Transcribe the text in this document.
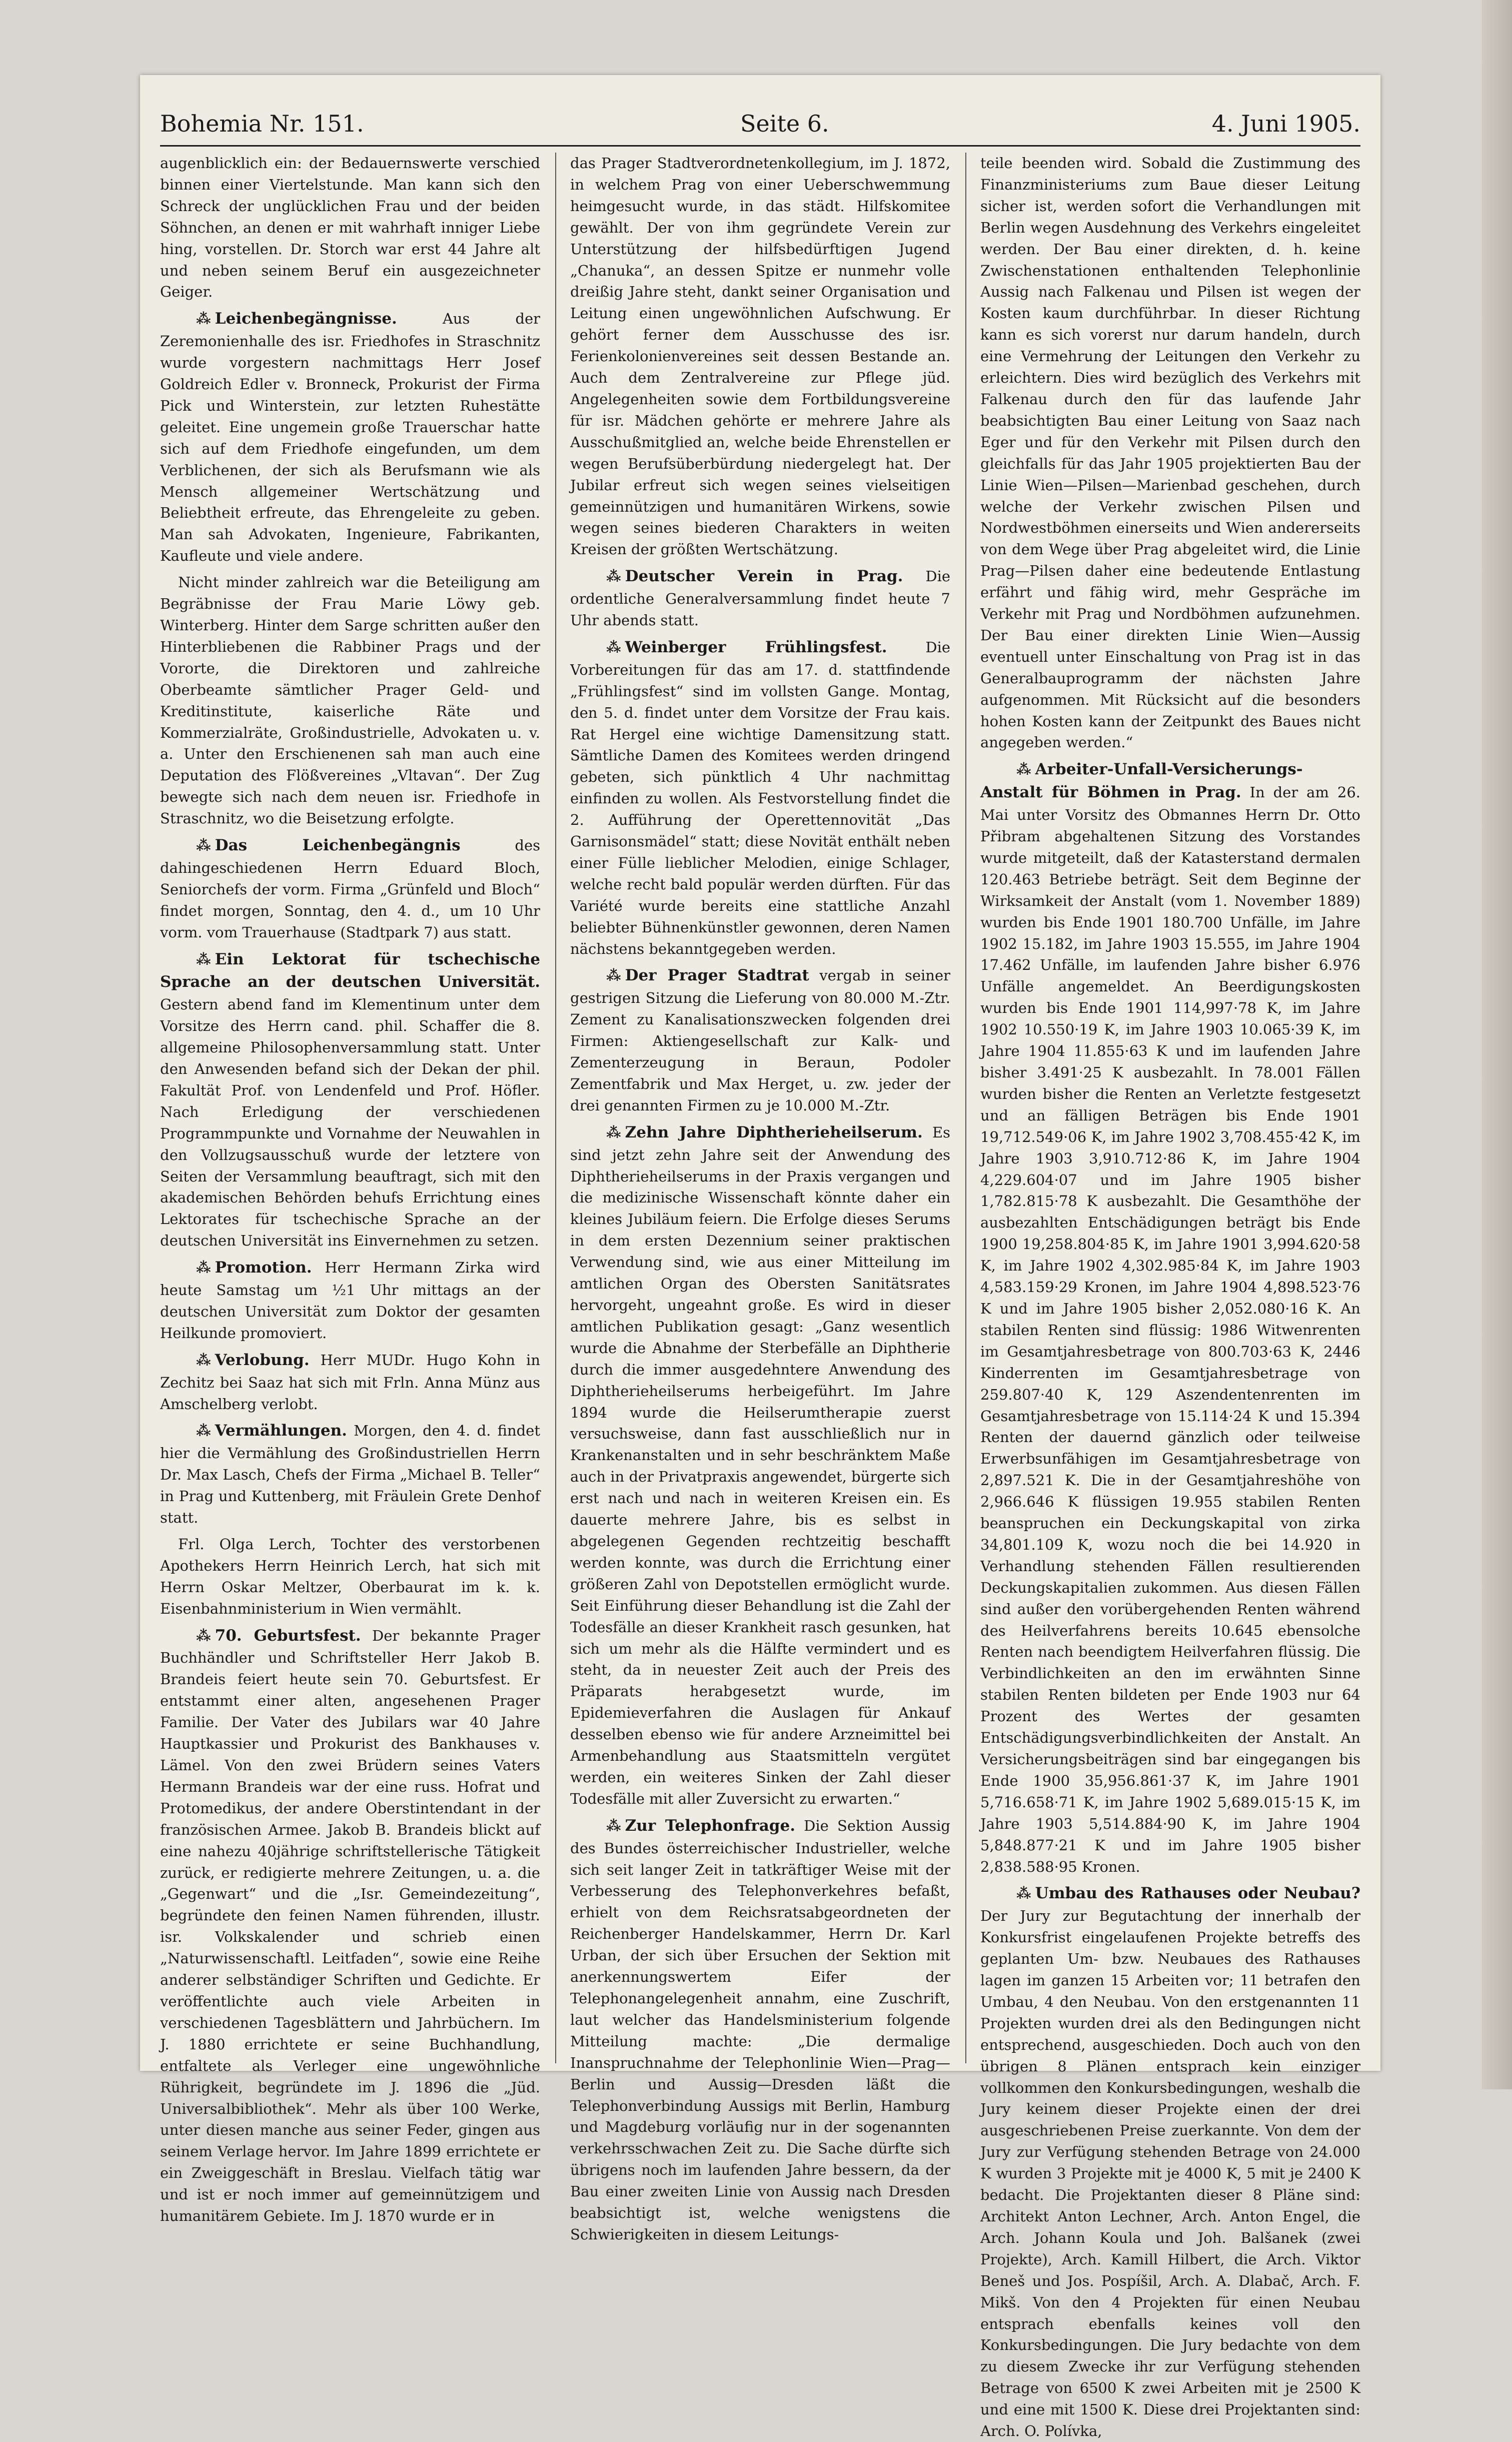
Bohemia Nr. 151.	Seite 6.	4. Juni 1905.

augenblicklich ein: der Bedauernswerte verschied binnen einer Viertelstunde. Man kann sich den Schreck der unglücklichen Frau und der beiden Söhnchen, an denen er mit wahrhaft inniger Liebe hing, vorstellen. Dr. Storch war erst 44 Jahre alt und neben seinem Beruf ein ausgezeichneter Geiger.

⁂ Leichenbegängnisse.	Aus der Zeremonienhalle des isr. Friedhofes in Straschnitz wurde vorgestern nachmittags Herr Josef Goldreich Edler v. Bronneck, Prokurist der Firma Pick und Winterstein, zur letzten Ruhestätte geleitet. Eine ungemein große Trauerschar hatte sich auf dem Friedhofe eingefunden, um dem Verblichenen, der sich als Berufsmann wie als Mensch allgemeiner Wertschätzung und Beliebtheit erfreute, das Ehrengeleite zu geben. Man sah Advokaten, Ingenieure, Fabrikanten, Kaufleute und viele andere.

Nicht minder zahlreich war die Beteiligung am Begräbnisse der Frau Marie Löwy geb. Winterberg. Hinter dem Sarge schritten außer den Hinterbliebenen die Rabbiner Prags und der Vororte, die Direktoren und zahlreiche Oberbeamte sämtlicher Prager Geld- und Kreditinstitute, kaiserliche Räte und Kommerzialräte, Großindustrielle, Advokaten u. v. a. Unter den Erschienenen sah man auch eine Deputation des Flößvereines „Vltavan“. Der Zug bewegte sich nach dem neuen isr. Friedhofe in Straschnitz, wo die Beisetzung erfolgte.

⁂ Das Leichenbegängnis	des dahingeschiedenen Herrn Eduard Bloch, Seniorchefs der vorm. Firma „Grünfeld und Bloch“ findet morgen, Sonntag, den 4. d., um 10 Uhr vorm. vom Trauerhause (Stadtpark 7) aus statt.

⁂ Ein Lektorat für tschechische Sprache an der deutschen Universität. Gestern abend fand im Klementinum unter dem Vorsitze des Herrn cand. phil. Schaffer die 8. allgemeine Philosophenversammlung statt. Unter den Anwesenden befand sich der Dekan der phil. Fakultät Prof. von Lendenfeld und Prof. Höfler. Nach Erledigung der verschiedenen Programmpunkte und Vornahme der Neuwahlen in den Vollzugsausschuß wurde der letztere von Seiten der Versammlung beauftragt, sich mit den akademischen Behörden behufs Errichtung eines Lektorates für tschechische Sprache an der deutschen Universität ins Einvernehmen zu setzen.

⁂ Promotion. Herr Hermann Zirka wird heute Samstag um ½1 Uhr mittags an der deutschen Universität zum Doktor der gesamten Heilkunde promoviert.

⁂ Verlobung. Herr MUDr. Hugo Kohn in Zechitz bei Saaz hat sich mit Frln. Anna Münz aus Amschelberg verlobt.

⁂ Vermählungen. Morgen, den 4. d. findet hier die Vermählung des Großindustriellen Herrn Dr. Max Lasch, Chefs der Firma „Michael B. Teller“ in Prag und Kuttenberg, mit Fräulein Grete Denhof statt.

Frl. Olga Lerch, Tochter des verstorbenen Apothekers Herrn Heinrich Lerch, hat sich mit Herrn Oskar Meltzer, Oberbaurat im k. k. Eisenbahnministerium in Wien vermählt.

⁂ 70. Geburtsfest. Der bekannte Prager Buchhändler und Schriftsteller Herr Jakob B. Brandeis feiert heute sein 70. Geburtsfest. Er entstammt einer alten, angesehenen Prager Familie. Der Vater des Jubilars war 40 Jahre Hauptkassier und Prokurist des Bankhauses v. Lämel. Von den zwei Brüdern seines Vaters Hermann Brandeis war der eine russ. Hofrat und Protomedikus, der andere Oberstintendant in der französischen Armee. Jakob B. Brandeis blickt auf eine nahezu 40jährige schriftstellerische Tätigkeit zurück, er redigierte mehrere Zeitungen, u. a. die „Gegenwart“ und die „Isr. Gemeindezeitung“, begründete den feinen Namen führenden, illustr. isr. Volkskalender und schrieb einen „Naturwissenschaftl. Leitfaden“, sowie eine Reihe anderer selbständiger Schriften und Gedichte. Er veröffentlichte auch viele Arbeiten in verschiedenen Tagesblättern und Jahrbüchern. Im J. 1880 errichtete er seine Buchhandlung, entfaltete als Verleger eine ungewöhnliche Rührigkeit, begründete im J. 1896 die „Jüd. Universalbibliothek“. Mehr als über 100 Werke, unter diesen manche aus seiner Feder, gingen aus seinem Verlage hervor. Im Jahre 1899 errichtete er ein Zweiggeschäft in Breslau. Vielfach tätig war und ist er noch immer auf gemeinnützigem und humanitärem Gebiete. Im J. 1870 wurde er in

das Prager Stadtverordnetenkollegium, im J. 1872, in welchem Prag von einer Ueberschwemmung heimgesucht wurde, in das städt. Hilfskomitee gewählt. Der von ihm gegründete Verein zur Unterstützung der hilfsbedürftigen Jugend „Chanuka“, an dessen Spitze er nunmehr volle dreißig Jahre steht, dankt seiner Organisation und Leitung einen ungewöhnlichen Aufschwung. Er gehört ferner dem Ausschusse des isr. Ferienkolonienvereines seit dessen Bestande an. Auch dem Zentralvereine zur Pflege jüd. Angelegenheiten sowie dem Fortbildungsvereine für isr. Mädchen gehörte er mehrere Jahre als Ausschußmitglied an, welche beide Ehrenstellen er wegen Berufsüberbürdung niedergelegt hat. Der Jubilar erfreut sich wegen seines vielseitigen gemeinnützigen und humanitären Wirkens, sowie wegen seines biederen Charakters in weiten Kreisen der größten Wertschätzung.

⁂ Deutscher Verein in Prag. Die ordentliche Generalversammlung findet heute 7 Uhr abends statt.

⁂ Weinberger Frühlingsfest.	Die Vorbereitungen für das am 17. d. stattfindende „Frühlingsfest“ sind im vollsten Gange. Montag, den 5. d. findet unter dem Vorsitze der Frau kais. Rat Hergel eine wichtige Damensitzung statt. Sämtliche Damen des Komitees werden dringend gebeten, sich pünktlich 4 Uhr nachmittag einfinden zu wollen. Als Festvorstellung findet die 2. Aufführung der Operettennovität „Das Garnisonsmädel“ statt; diese Novität enthält neben einer Fülle lieblicher Melodien, einige Schlager, welche recht bald populär werden dürften. Für das Variété wurde bereits eine stattliche Anzahl beliebter Bühnenkünstler gewonnen, deren Namen nächstens bekanntgegeben werden.

⁂ Der Prager Stadtrat vergab in seiner gestrigen Sitzung die Lieferung von 80.000 M.-Ztr. Zement zu Kanalisationszwecken folgenden drei Firmen: Aktiengesellschaft zur Kalk- und Zementerzeugung in Beraun, Podoler Zementfabrik und Max Herget, u. zw. jeder der drei genannten Firmen zu je 10.000 M.-Ztr.

⁂ Zehn Jahre Diphtherieheilserum. Es sind jetzt zehn Jahre seit der Anwendung des Diphtherieheilserums in der Praxis vergangen und die medizinische Wissenschaft könnte daher ein kleines Jubiläum feiern. Die Erfolge dieses Serums in dem ersten Dezennium seiner praktischen Verwendung sind, wie aus einer Mitteilung im amtlichen Organ des Obersten Sanitätsrates hervorgeht, ungeahnt große. Es wird in dieser amtlichen Publikation gesagt: „Ganz wesentlich wurde die Abnahme der Sterbefälle an Diphtherie durch die immer ausgedehntere Anwendung des Diphtherieheilserums herbeigeführt. Im Jahre 1894 wurde die Heilserumtherapie zuerst versuchsweise, dann fast ausschließlich nur in Krankenanstalten und in sehr beschränktem Maße auch in der Privatpraxis angewendet, bürgerte sich erst nach und nach in weiteren Kreisen ein. Es dauerte mehrere Jahre, bis es selbst in abgelegenen Gegenden rechtzeitig beschafft werden konnte, was durch die Errichtung einer größeren Zahl von Depotstellen ermöglicht wurde. Seit Einführung dieser Behandlung ist die Zahl der Todesfälle an dieser Krankheit rasch gesunken, hat sich um mehr als die Hälfte vermindert und es steht, da in neuester Zeit auch der Preis des Präparats herabgesetzt wurde, im Epidemieverfahren die Auslagen für Ankauf desselben ebenso wie für andere Arzneimittel bei Armenbehandlung aus Staatsmitteln vergütet werden, ein weiteres Sinken der Zahl dieser Todesfälle mit aller Zuversicht zu erwarten.“

⁂ Zur Telephonfrage. Die Sektion Aussig des Bundes österreichischer Industrieller, welche sich seit langer Zeit in tatkräftiger Weise mit der Verbesserung des Telephonverkehres befaßt, erhielt von dem Reichsratsabgeordneten der Reichenberger Handelskammer, Herrn Dr. Karl Urban, der sich über Ersuchen der Sektion mit anerkennungswertem Eifer der Telephonangelegenheit annahm, eine Zuschrift, laut welcher das Handelsministerium folgende Mitteilung machte: „Die dermalige Inanspruchnahme der Telephonlinie Wien—Prag—Berlin und Aussig—Dresden läßt die Telephonverbindung Aussigs mit Berlin, Hamburg und Magdeburg vorläufig nur in der sogenannten verkehrsschwachen Zeit zu. Die Sache dürfte sich übrigens noch im laufenden Jahre bessern, da der Bau einer zweiten Linie von Aussig nach Dresden beabsichtigt ist, welche wenigstens die Schwierigkeiten in diesem Leitungs-

teile beenden wird. Sobald die Zustimmung des Finanzministeriums zum Baue dieser Leitung sicher ist, werden sofort die Verhandlungen mit Berlin wegen Ausdehnung des Verkehrs eingeleitet werden. Der Bau einer direkten, d. h. keine Zwischenstationen enthaltenden Telephonlinie Aussig nach Falkenau und Pilsen ist wegen der Kosten kaum durchführbar. In dieser Richtung kann es sich vorerst nur darum handeln, durch eine Vermehrung der Leitungen den Verkehr zu erleichtern. Dies wird bezüglich des Verkehrs mit Falkenau durch den für das laufende Jahr beabsichtigten Bau einer Leitung von Saaz nach Eger und für den Verkehr mit Pilsen durch den gleichfalls für das Jahr 1905 projektierten Bau der Linie Wien—Pilsen—Marienbad geschehen, durch welche der Verkehr zwischen Pilsen und Nordwestböhmen einerseits und Wien andererseits von dem Wege über Prag abgeleitet wird, die Linie Prag—Pilsen daher eine bedeutende Entlastung erfährt und fähig wird, mehr Gespräche im Verkehr mit Prag und Nordböhmen aufzunehmen. Der Bau einer direkten Linie Wien—Aussig eventuell unter Einschaltung von Prag ist in das Generalbauprogramm der nächsten Jahre aufgenommen. Mit Rücksicht auf die besonders hohen Kosten kann der Zeitpunkt des Baues nicht angegeben werden.“

⁂ Arbeiter-Unfall-Versicherungs-Anstalt für Böhmen in Prag. In der am 26. Mai unter Vorsitz des Obmannes Herrn Dr. Otto Přibram abgehaltenen Sitzung des Vorstandes wurde mitgeteilt, daß der Katasterstand dermalen 120.463 Betriebe beträgt. Seit dem Beginne der Wirksamkeit der Anstalt (vom 1. November 1889) wurden bis Ende 1901 180.700 Unfälle, im Jahre 1902 15.182, im Jahre 1903 15.555, im Jahre 1904 17.462 Unfälle, im laufenden Jahre bisher 6.976 Unfälle angemeldet. An Beerdigungskosten wurden bis Ende 1901 114,997·78 K, im Jahre 1902 10.550·19 K, im Jahre 1903 10.065·39 K, im Jahre 1904 11.855·63 K und im laufenden Jahre bisher 3.491·25 K ausbezahlt. In 78.001 Fällen wurden bisher die Renten an Verletzte festgesetzt und an fälligen Beträgen bis Ende 1901 19,712.549·06 K, im Jahre 1902 3,708.455·42 K, im Jahre 1903 3,910.712·86 K, im Jahre 1904 4,229.604·07 und im Jahre 1905 bisher 1,782.815·78 K ausbezahlt. Die Gesamthöhe der ausbezahlten Entschädigungen beträgt bis Ende 1900 19,258.804·85 K, im Jahre 1901 3,994.620·58 K, im Jahre 1902 4,302.985·84 K, im Jahre 1903 4,583.159·29 Kronen, im Jahre 1904 4,898.523·76 K und im Jahre 1905 bisher 2,052.080·16 K. An stabilen Renten sind flüssig: 1986 Witwenrenten im Gesamtjahresbetrage von 800.703·63 K, 2446 Kinderrenten im Gesamtjahresbetrage von 259.807·40 K, 129 Aszendentenrenten im Gesamtjahresbetrage von 15.114·24 K und 15.394 Renten der dauernd gänzlich oder teilweise Erwerbsunfähigen im Gesamtjahresbetrage von 2,897.521 K. Die in der Gesamtjahreshöhe von 2,966.646 K flüssigen 19.955 stabilen Renten beanspruchen ein Deckungskapital von zirka 34,801.109 K, wozu noch die bei 14.920 in Verhandlung stehenden Fällen resultierenden Deckungskapitalien zukommen. Aus diesen Fällen sind außer den vorübergehenden Renten während des Heilverfahrens bereits 10.645 ebensolche Renten nach beendigtem Heilverfahren flüssig. Die Verbindlichkeiten an den im erwähnten Sinne stabilen Renten bildeten per Ende 1903 nur 64 Prozent des Wertes der gesamten Entschädigungsverbindlichkeiten der Anstalt. An Versicherungsbeiträgen sind bar eingegangen bis Ende 1900 35,956.861·37 K, im Jahre 1901 5,716.658·71 K, im Jahre 1902 5,689.015·15 K, im Jahre 1903 5,514.884·90 K, im Jahre 1904 5,848.877·21 K und im Jahre 1905 bisher 2,838.588·95 Kronen.

⁂ Umbau des Rathauses oder Neubau? Der Jury zur Begutachtung der innerhalb der Konkursfrist eingelaufenen Projekte betreffs des geplanten Um- bzw. Neubaues des Rathauses lagen im ganzen 15 Arbeiten vor; 11 betrafen den Umbau, 4 den Neubau. Von den erstgenannten 11 Projekten wurden drei als den Bedingungen nicht entsprechend, ausgeschieden. Doch auch von den übrigen 8 Plänen entsprach kein einziger vollkommen den Konkursbedingungen, weshalb die Jury keinem dieser Projekte einen der drei ausgeschriebenen Preise zuerkannte. Von dem der Jury zur Verfügung stehenden Betrage von 24.000 K wurden 3 Projekte mit je 4000 K, 5 mit je 2400 K bedacht. Die Projektanten dieser 8 Pläne sind: Architekt Anton Lechner, Arch. Anton Engel, die Arch. Johann Koula und Joh. Balšanek (zwei Projekte), Arch. Kamill Hilbert, die Arch. Viktor Beneš und Jos. Pospíšil, Arch. A. Dlabač, Arch. F. Mikš. Von den 4 Projekten für einen Neubau entsprach ebenfalls keines voll den Konkursbedingungen. Die Jury bedachte von dem zu diesem Zwecke ihr zur Verfügung stehenden Betrage von 6500 K zwei Arbeiten mit je 2500 K und eine mit 1500 K. Diese drei Projektanten sind: Arch. O. Polívka,
